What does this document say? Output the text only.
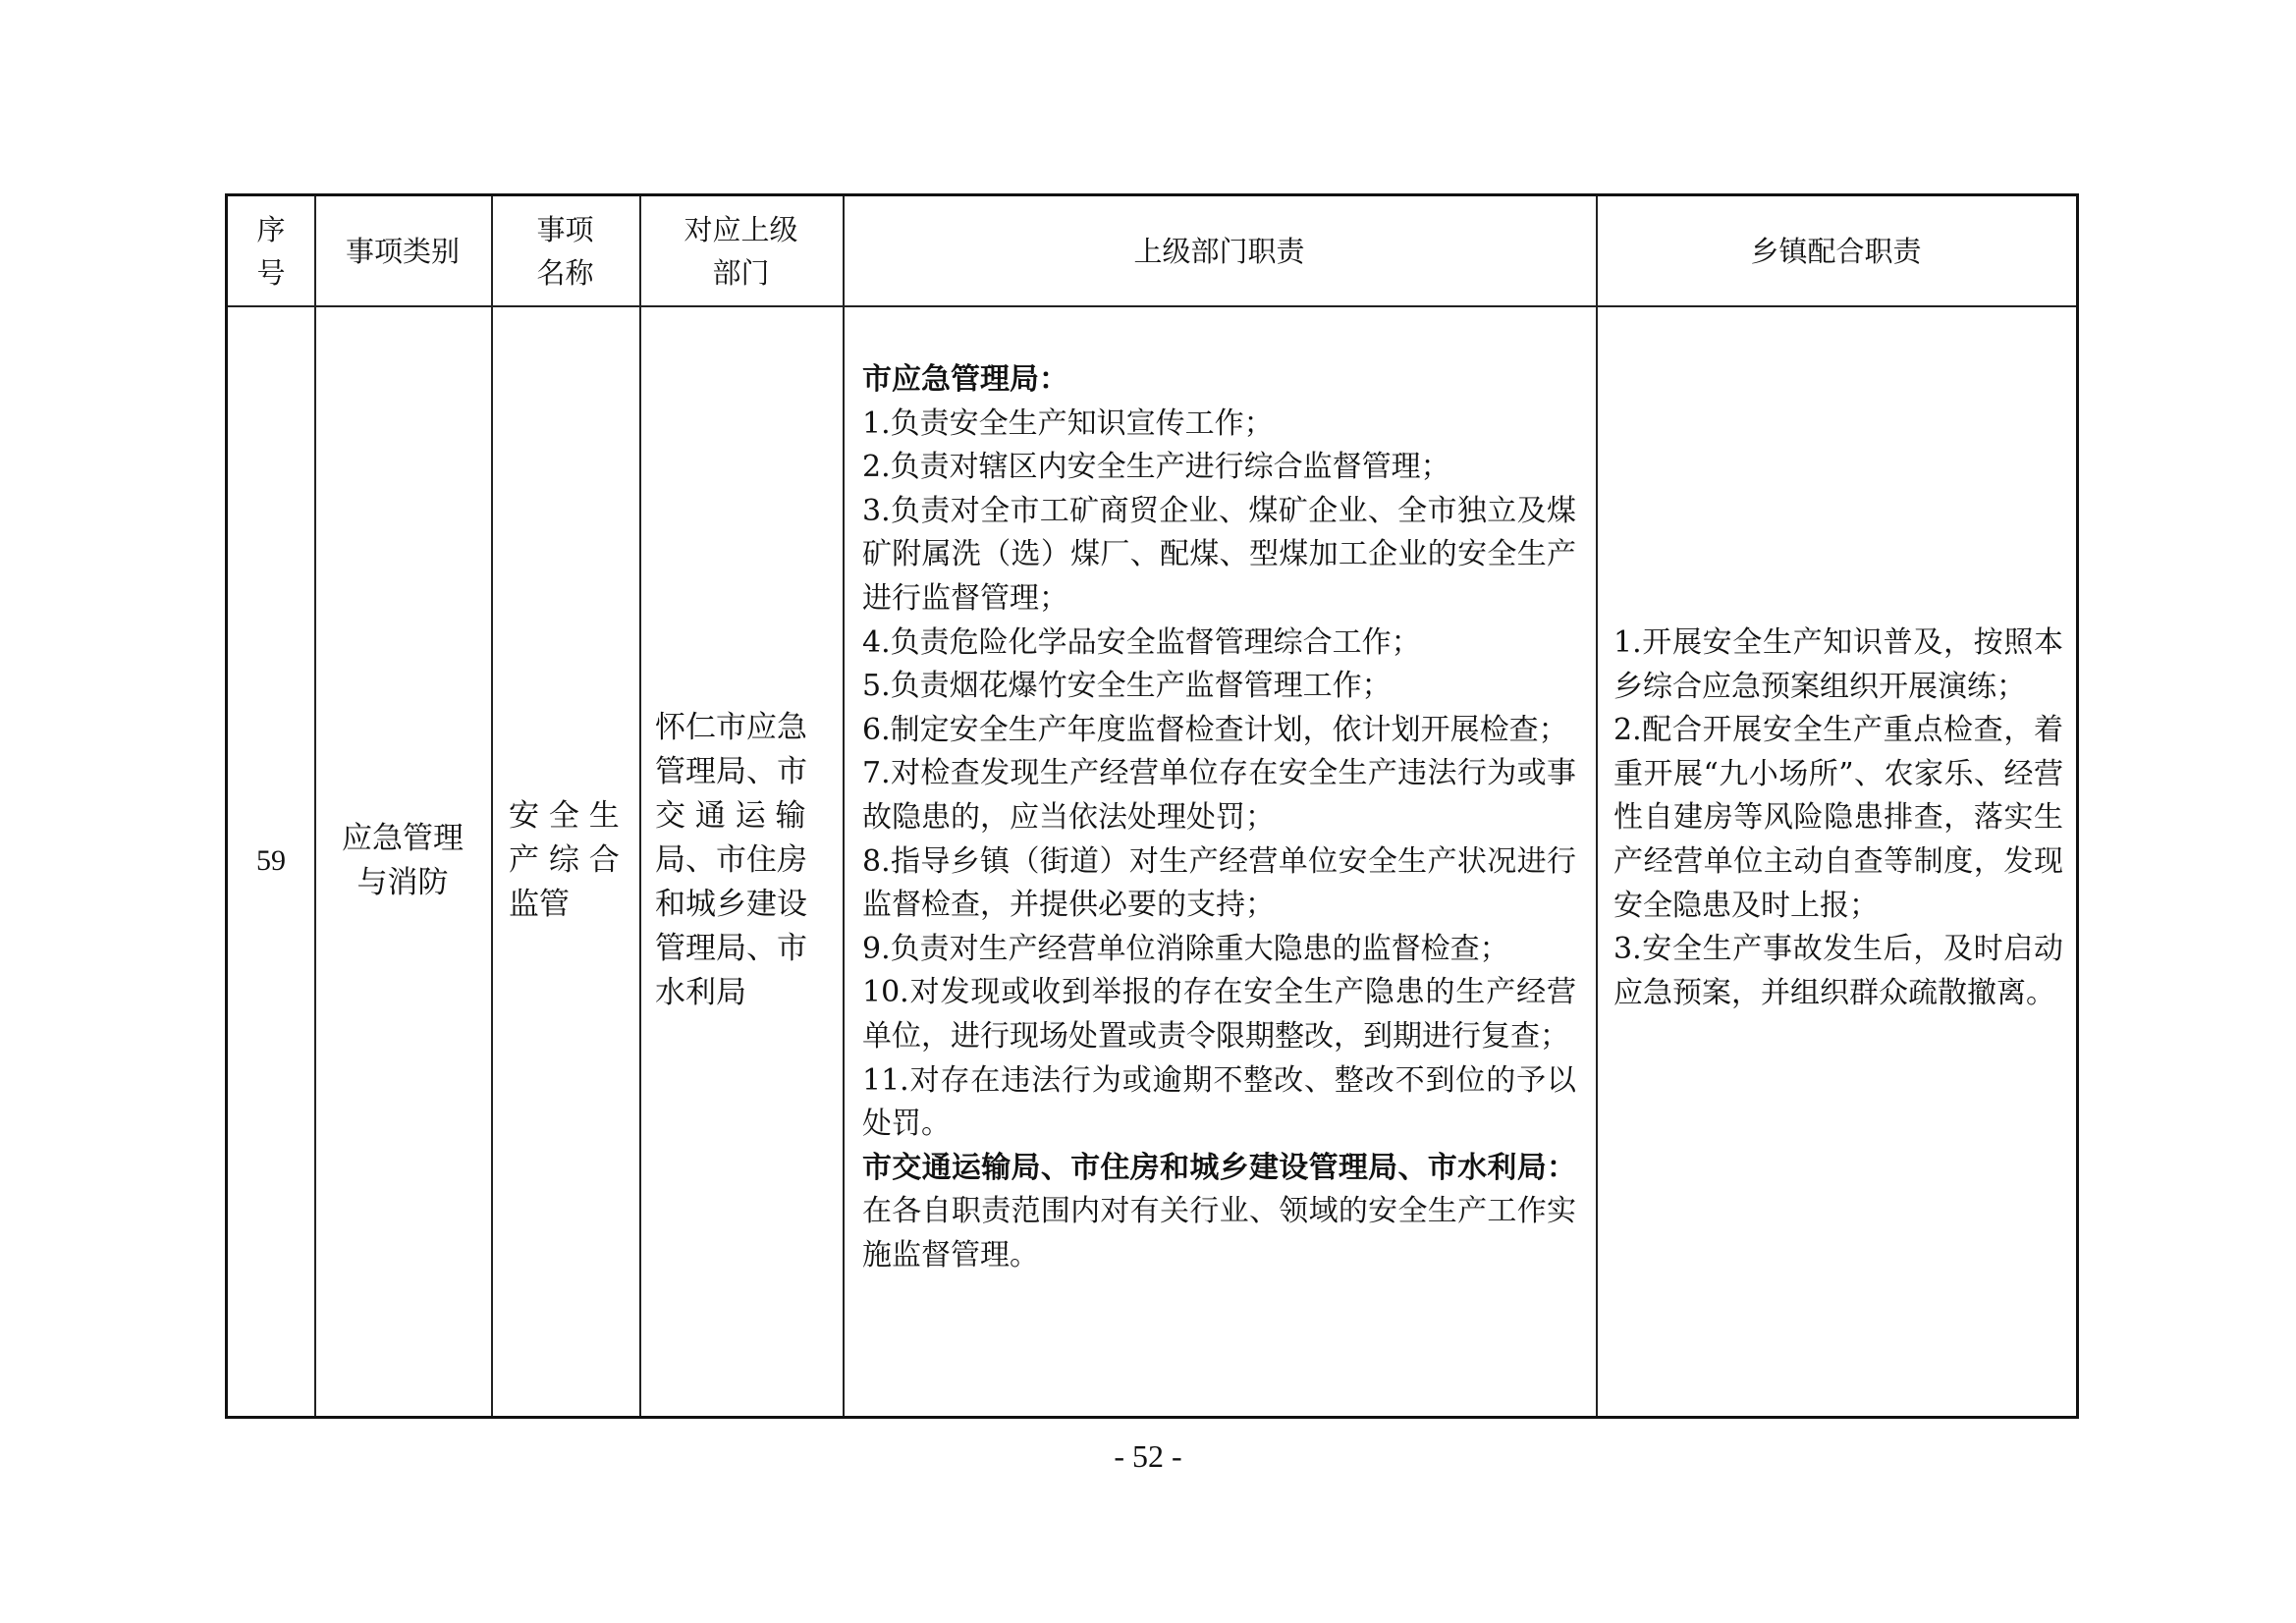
序
号
事项类别
事项
名称
对应上级
部门
上级部门职责	乡镇配合职责
59
应急管理
与消防
安 全 生
产 综 合
监管
怀仁市应急
管理局、市
交 通 运 输
局、市住房
和城乡建设
管理局、市
水利局
市应急管理局：
1.负责安全生产知识宣传工作；
2.负责对辖区内安全生产进行综合监督管理；
3.负责对全市工矿商贸企业、煤矿企业、全市独立及煤矿附属洗（选）煤厂、配煤、型煤加工企业的安全生产进行监督管理；
4.负责危险化学品安全监督管理综合工作；
5.负责烟花爆竹安全生产监督管理工作；
6.制定安全生产年度监督检查计划，依计划开展检查；
7.对检查发现生产经营单位存在安全生产违法行为或事故隐患的，应当依法处理处罚；
8.指导乡镇（街道）对生产经营单位安全生产状况进行监督检查，并提供必要的支持；
9.负责对生产经营单位消除重大隐患的监督检查；
10.对发现或收到举报的存在安全生产隐患的生产经营单位，进行现场处置或责令限期整改，到期进行复查；
11.对存在违法行为或逾期不整改、整改不到位的予以处罚。
市交通运输局、市住房和城乡建设管理局、市水利局：在各自职责范围内对有关行业、领域的安全生产工作实施监督管理。
1.开展安全生产知识普及，按照本乡综合应急预案组织开展演练；
2.配合开展安全生产重点检查，着重开展“九小场所”、农家乐、经营性自建房等风险隐患排查，落实生产经营单位主动自查等制度，发现安全隐患及时上报；
3.安全生产事故发生后，及时启动应急预案，并组织群众疏散撤离。
- 52 -
